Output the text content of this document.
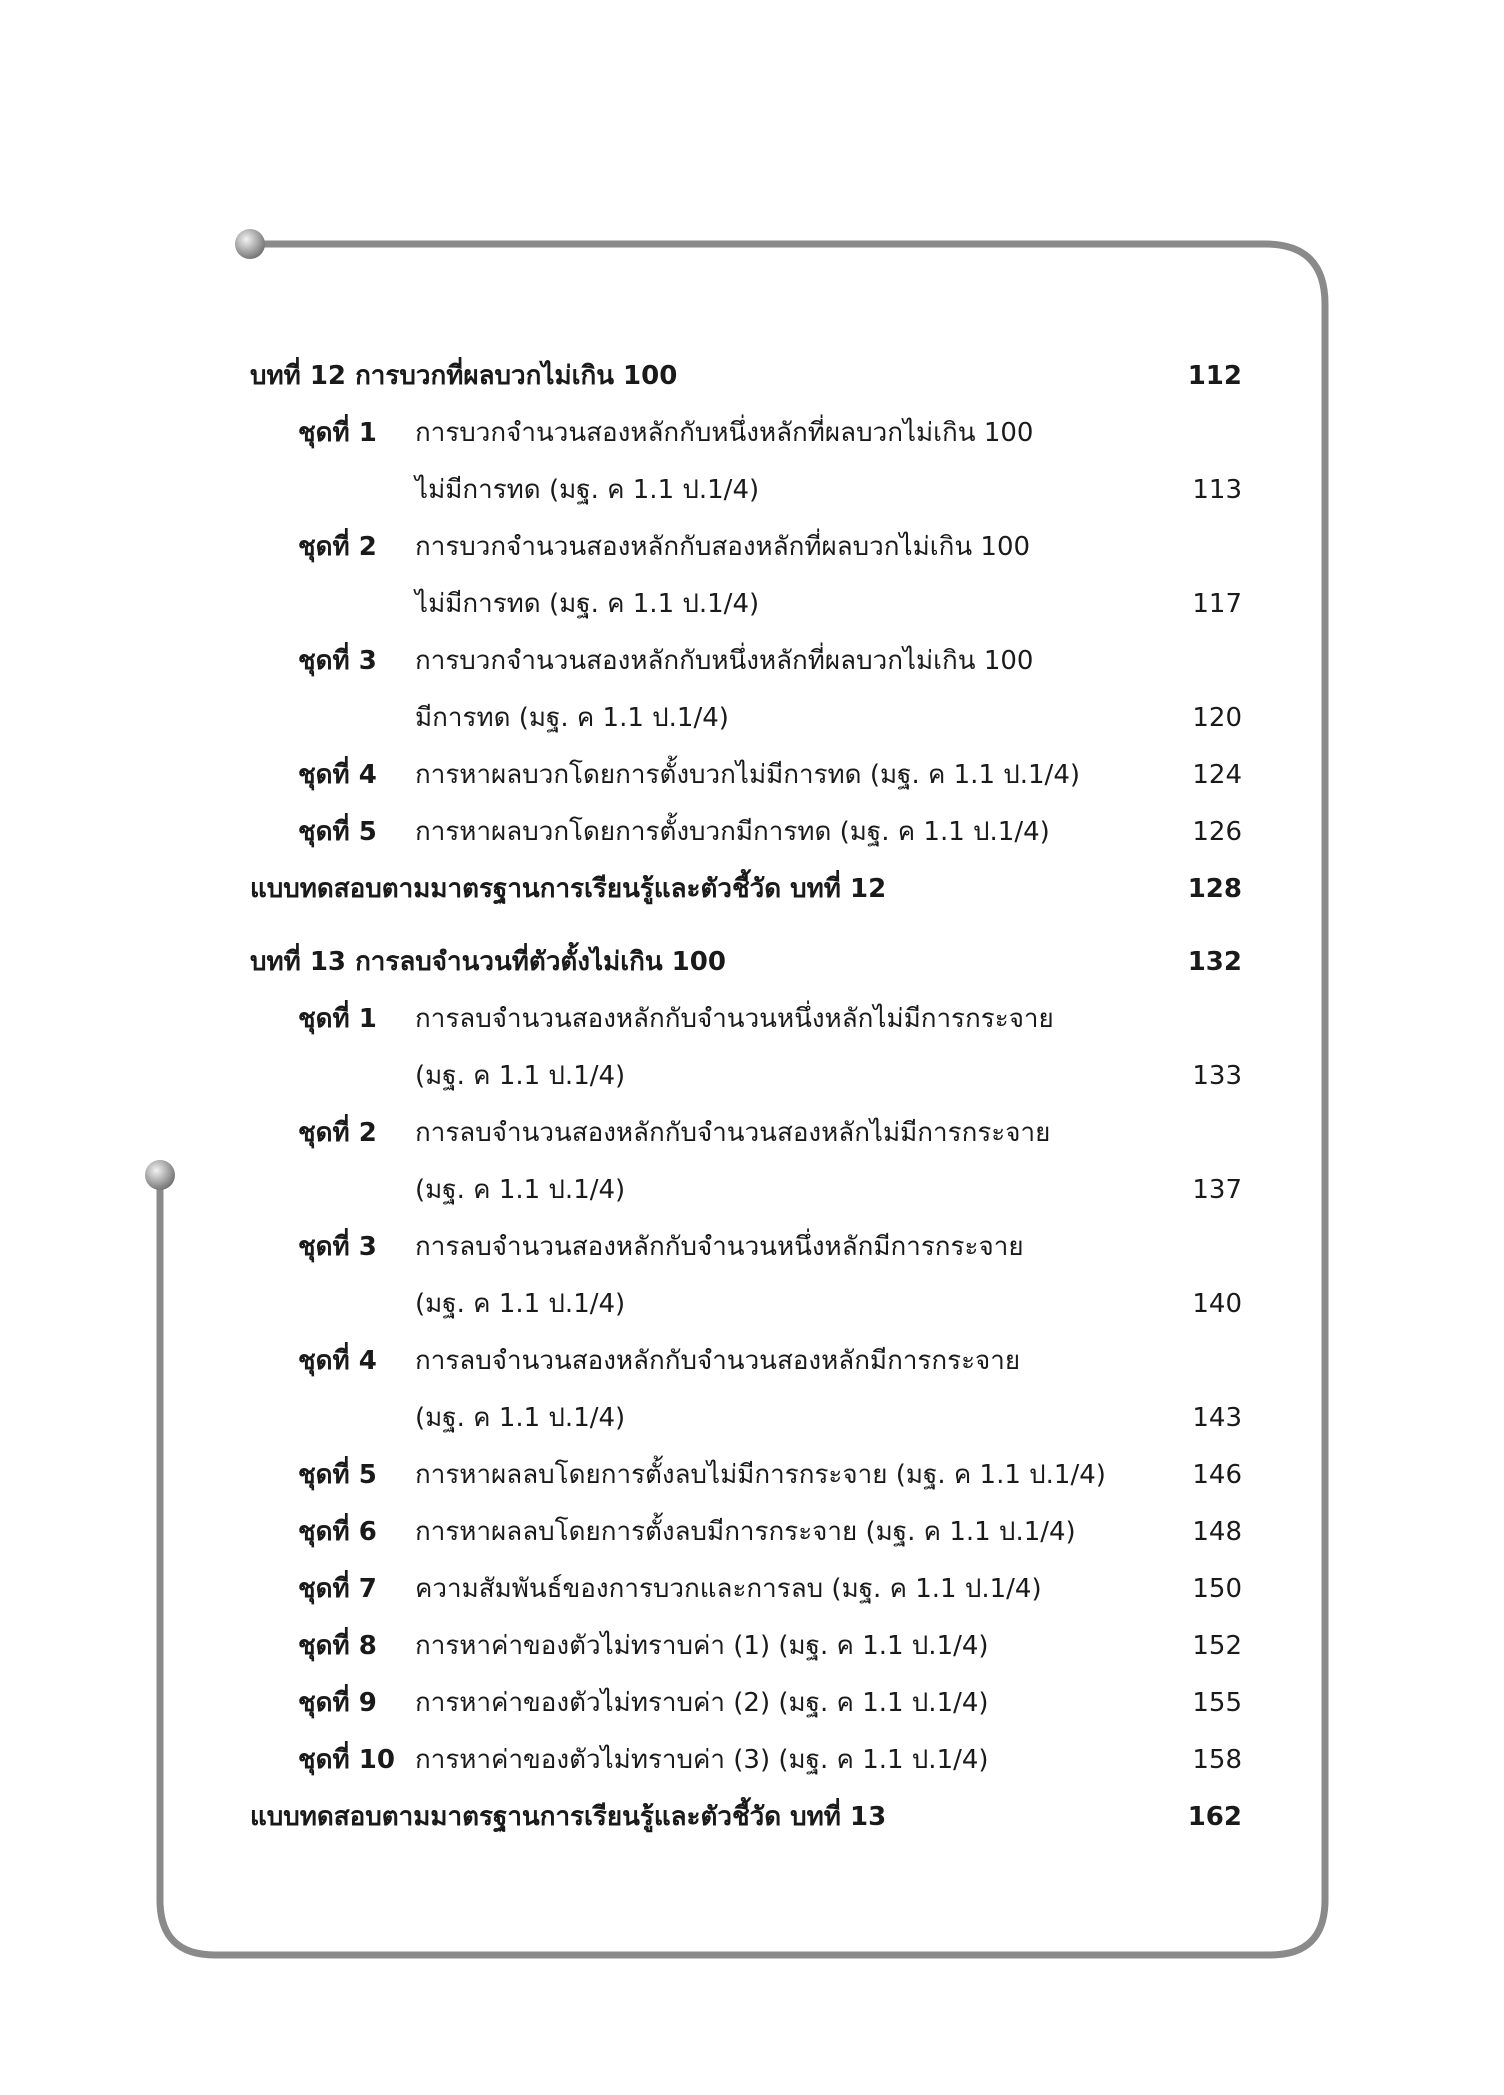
บทที่ 12 การบวกที่ผลบวกไม่เกิน 100	112
ชุดที่ 1 การบวกจำนวนสองหลักกับหนึ่งหลักที่ผลบวกไม่เกิน 100
ไม่มีการทด (มฐ. ค 1.1 ป.1/4)	113
ชุดที่ 2 การบวกจำนวนสองหลักกับสองหลักที่ผลบวกไม่เกิน 100
ไม่มีการทด (มฐ. ค 1.1 ป.1/4)	117
ชุดที่ 3 การบวกจำนวนสองหลักกับหนึ่งหลักที่ผลบวกไม่เกิน 100
มีการทด (มฐ. ค 1.1 ป.1/4)	120
ชุดที่ 4 การหาผลบวกโดยการตั้งบวกไม่มีการทด (มฐ. ค 1.1 ป.1/4)	124
ชุดที่ 5 การหาผลบวกโดยการตั้งบวกมีการทด (มฐ. ค 1.1 ป.1/4)	126
แบบทดสอบตามมาตรฐานการเรียนรู้และตัวชี้วัด บทที่ 12	128
บทที่ 13 การลบจำนวนที่ตัวตั้งไม่เกิน 100	132
ชุดที่ 1 การลบจำนวนสองหลักกับจำนวนหนึ่งหลักไม่มีการกระจาย
(มฐ. ค 1.1 ป.1/4)	133
ชุดที่ 2 การลบจำนวนสองหลักกับจำนวนสองหลักไม่มีการกระจาย
(มฐ. ค 1.1 ป.1/4)	137
ชุดที่ 3 การลบจำนวนสองหลักกับจำนวนหนึ่งหลักมีการกระจาย
(มฐ. ค 1.1 ป.1/4)	140
ชุดที่ 4 การลบจำนวนสองหลักกับจำนวนสองหลักมีการกระจาย
(มฐ. ค 1.1 ป.1/4)	143
ชุดที่ 5 การหาผลลบโดยการตั้งลบไม่มีการกระจาย (มฐ. ค 1.1 ป.1/4)	146
ชุดที่ 6 การหาผลลบโดยการตั้งลบมีการกระจาย (มฐ. ค 1.1 ป.1/4)	148
ชุดที่ 7 ความสัมพันธ์ของการบวกและการลบ (มฐ. ค 1.1 ป.1/4)	150
ชุดที่ 8 การหาค่าของตัวไม่ทราบค่า (1) (มฐ. ค 1.1 ป.1/4)	152
ชุดที่ 9 การหาค่าของตัวไม่ทราบค่า (2) (มฐ. ค 1.1 ป.1/4)	155
ชุดที่ 10 การหาค่าของตัวไม่ทราบค่า (3) (มฐ. ค 1.1 ป.1/4)	158
แบบทดสอบตามมาตรฐานการเรียนรู้และตัวชี้วัด บทที่ 13	162
